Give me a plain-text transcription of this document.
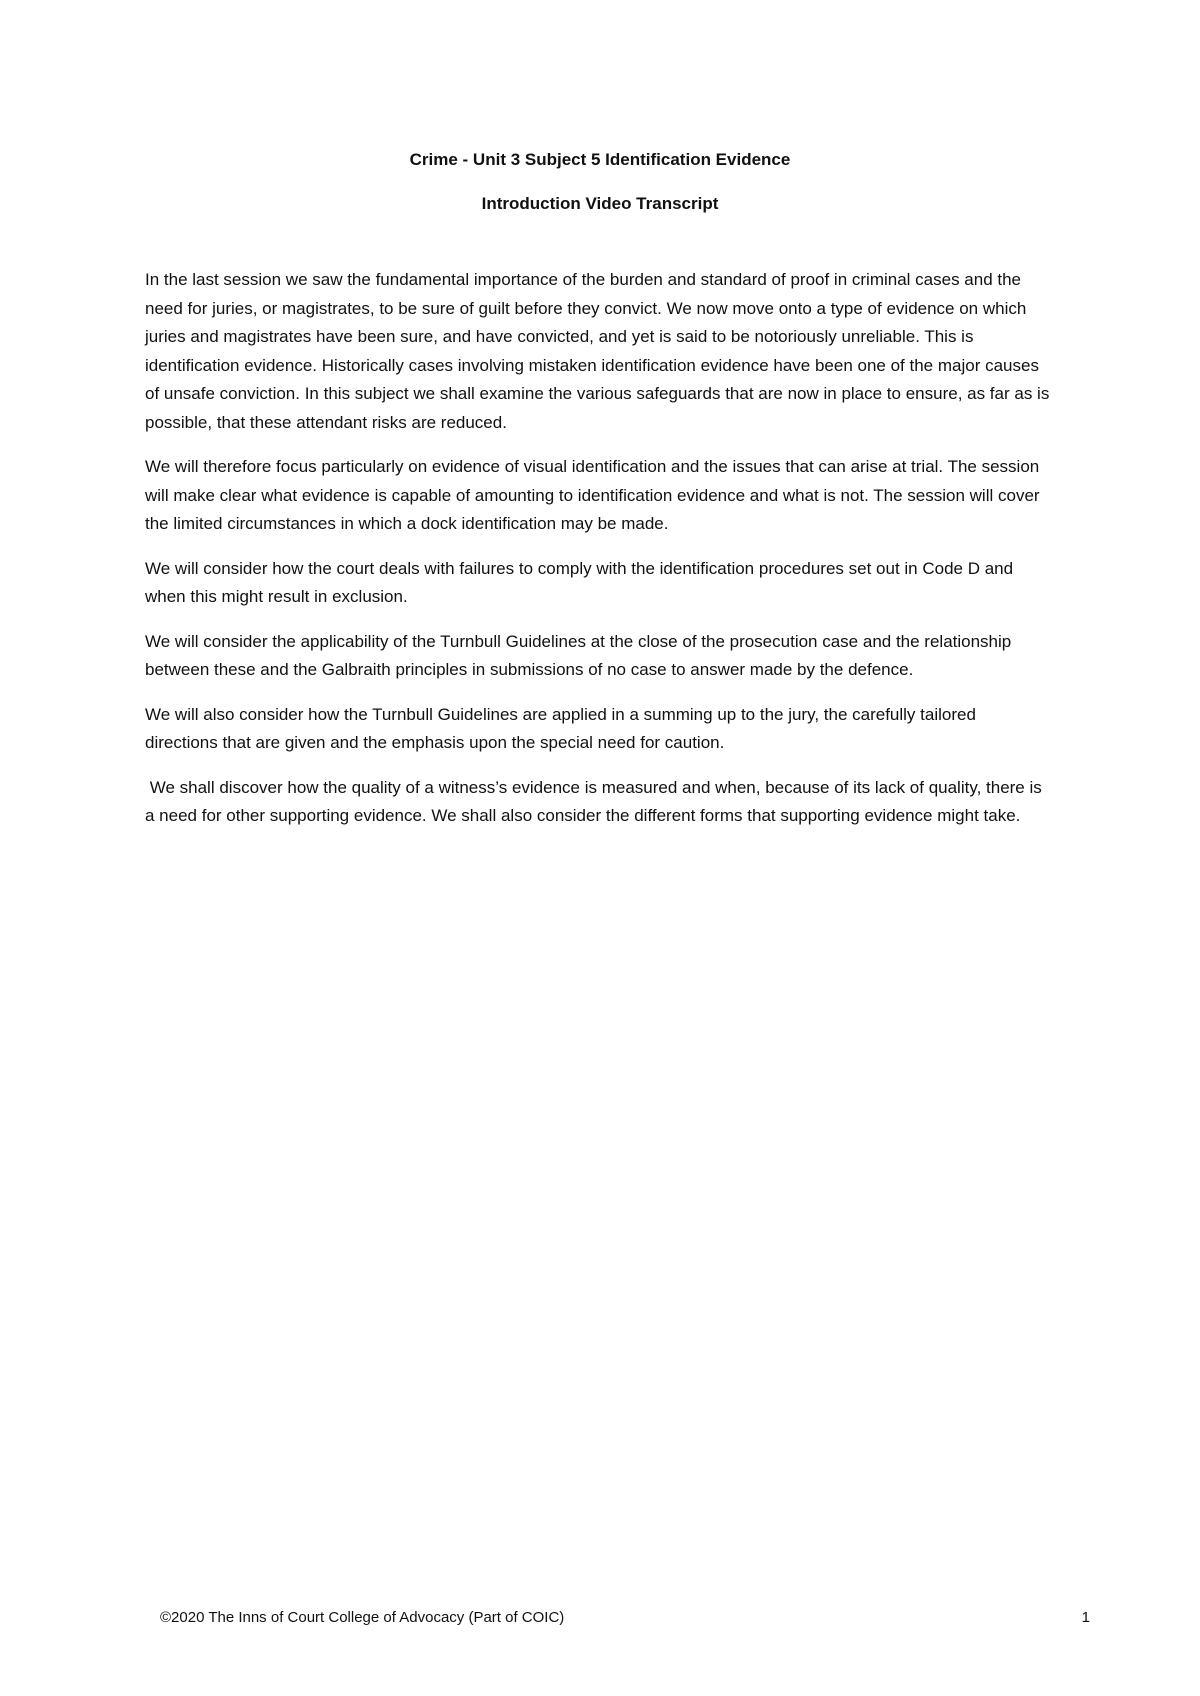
Crime - Unit 3 Subject 5 Identification Evidence
Introduction Video Transcript

In the last session we saw the fundamental importance of the burden and standard of proof in criminal cases and the need for juries, or magistrates, to be sure of guilt before they convict. We now move onto a type of evidence on which juries and magistrates have been sure, and have convicted, and yet is said to be notoriously unreliable. This is identification evidence. Historically cases involving mistaken identification evidence have been one of the major causes of unsafe conviction. In this subject we shall examine the various safeguards that are now in place to ensure, as far as is possible, that these attendant risks are reduced.

We will therefore focus particularly on evidence of visual identification and the issues that can arise at trial. The session will make clear what evidence is capable of amounting to identification evidence and what is not. The session will cover the limited circumstances in which a dock identification may be made.

We will consider how the court deals with failures to comply with the identification procedures set out in Code D and when this might result in exclusion.

We will consider the applicability of the Turnbull Guidelines at the close of the prosecution case and the relationship between these and the Galbraith principles in submissions of no case to answer made by the defence.

We will also consider how the Turnbull Guidelines are applied in a summing up to the jury, the carefully tailored directions that are given and the emphasis upon the special need for caution.

We shall discover how the quality of a witness’s evidence is measured and when, because of its lack of quality, there is a need for other supporting evidence. We shall also consider the different forms that supporting evidence might take.

©2020 The Inns of Court College of Advocacy (Part of COIC)	1
